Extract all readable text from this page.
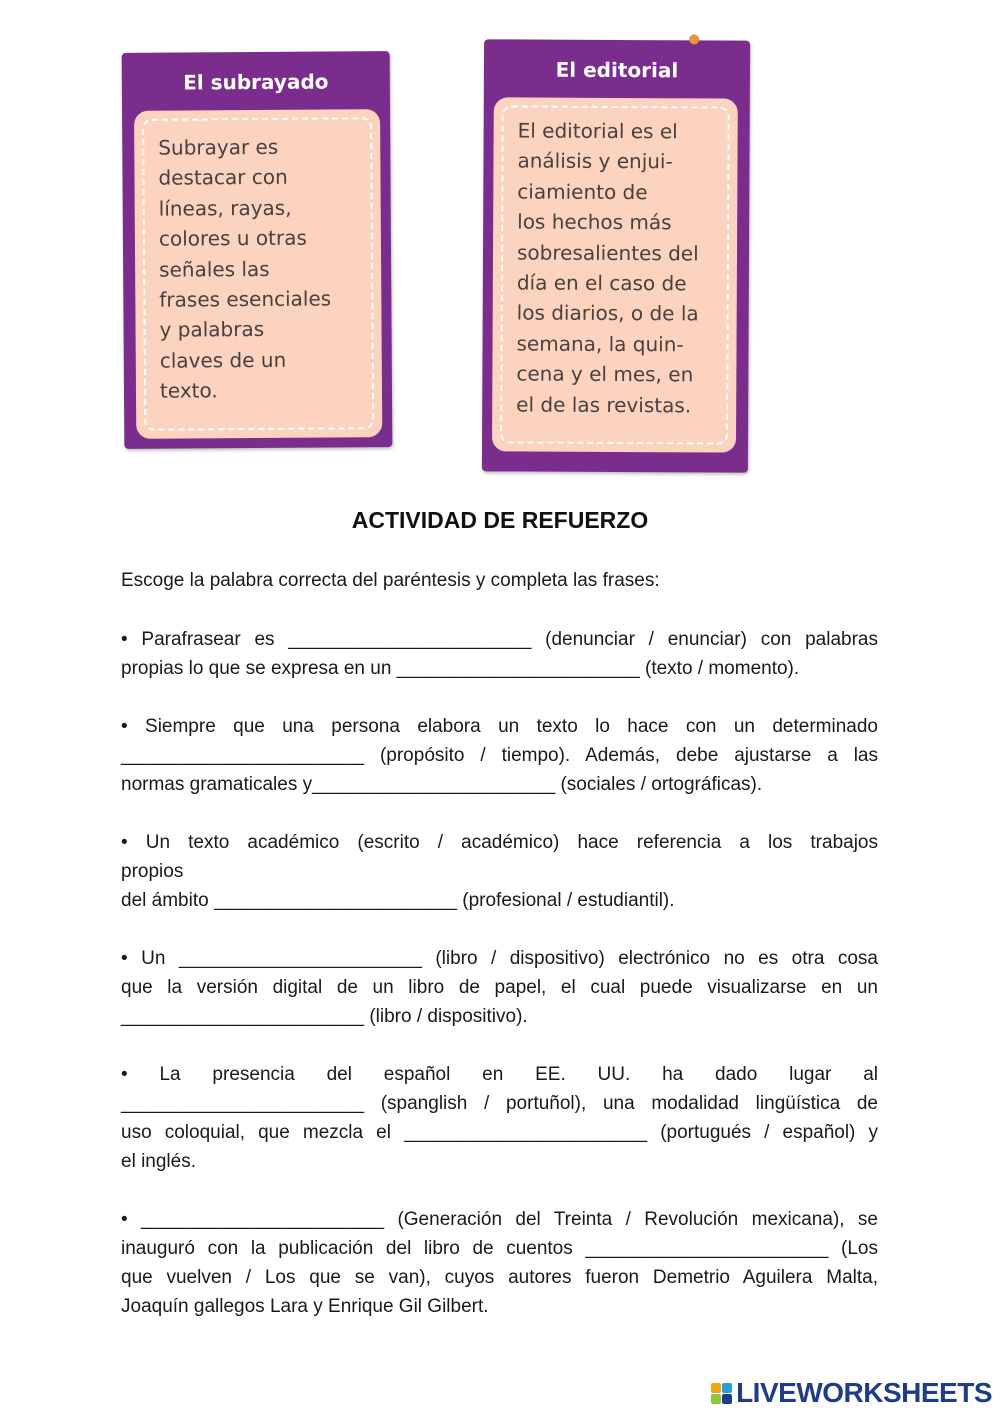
El subrayado
Subrayar es
destacar con
líneas, rayas,
colores u otras
señales las
frases esenciales
y palabras
claves de un
texto.
El editorial
El editorial es el
análisis y enjui-
ciamiento de
los hechos más
sobresalientes del
día en el caso de
los diarios, o de la
semana, la quin-
cena y el mes, en
el de las revistas.
ACTIVIDAD DE REFUERZO
Escoge la palabra correcta del paréntesis y completa las frases:
• Parafrasear es _______________________ (denunciar / enunciar) con palabras
propias lo que se expresa en un _______________________ (texto / momento).
• Siempre que una persona elabora un texto lo hace con un determinado
_______________________ (propósito / tiempo). Además, debe ajustarse a las
normas gramaticales y_______________________ (sociales / ortográficas).
• Un texto académico (escrito / académico) hace referencia a los trabajos
propios
del ámbito _______________________ (profesional / estudiantil).
• Un _______________________ (libro / dispositivo) electrónico no es otra cosa
que la versión digital de un libro de papel, el cual puede visualizarse en un
_______________________ (libro / dispositivo).
• La presencia del español en EE. UU. ha dado lugar al
_______________________ (spanglish / portuñol), una modalidad lingüística de
uso coloquial, que mezcla el _______________________ (portugués / español) y
el inglés.
• _______________________ (Generación del Treinta / Revolución mexicana), se
inauguró con la publicación del libro de cuentos _______________________ (Los
que vuelven / Los que se van), cuyos autores fueron Demetrio Aguilera Malta,
Joaquín gallegos Lara y Enrique Gil Gilbert.
LIVEWORKSHEETS
